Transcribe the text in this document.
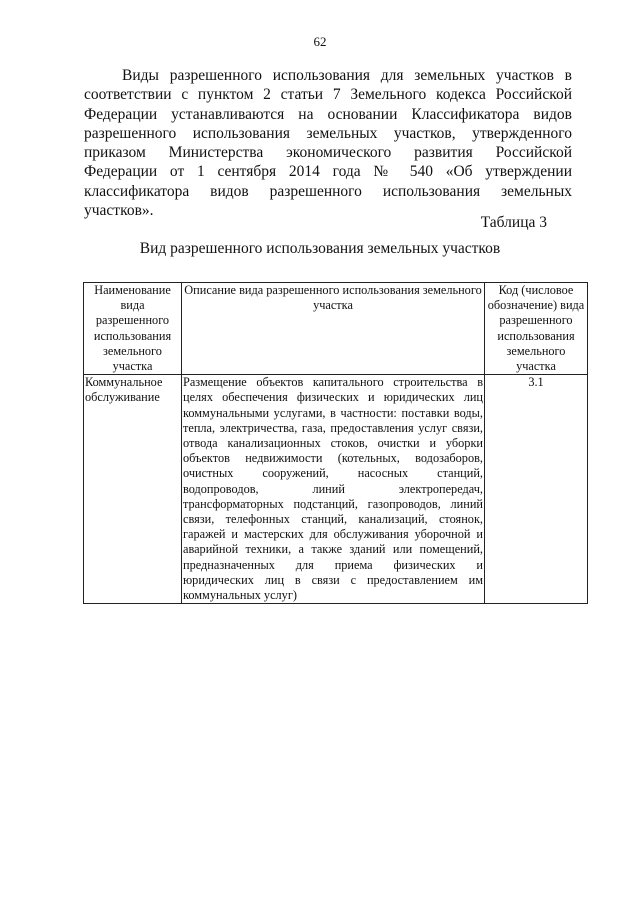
62

Виды разрешенного использования для земельных участков в соответствии с пунктом 2 статьи 7 Земельного кодекса Российской Федерации устанавливаются на основании Классификатора видов разрешенного использования земельных участков, утвержденного приказом Министерства экономического развития Российской Федерации от 1 сентября 2014 года № 540 «Об утверждении классификатора видов разрешенного использования земельных участков».

Таблица 3
Вид разрешенного использования земельных участков
Наименование вида разрешенного использования земельного участка	Описание вида разрешенного использования земельного участка	Код (числовое обозначение) вида разрешенного использования земельного участка
Коммунальное обслуживание	Размещение объектов капитального строительства в целях обеспечения физических и юридических лиц коммунальными услугами, в частности: поставки воды, тепла, электричества, газа, предоставления услуг связи, отвода канализационных стоков, очистки и уборки объектов недвижимости (котельных, водозаборов, очистных сооружений, насосных станций, водопроводов, линий электропередач, трансформаторных подстанций, газопроводов, линий связи, телефонных станций, канализаций, стоянок, гаражей и мастерских для обслуживания уборочной и аварийной техники, а также зданий или помещений, предназначенных для приема физических и юридических лиц в связи с предоставлением им коммунальных услуг)	3.1
